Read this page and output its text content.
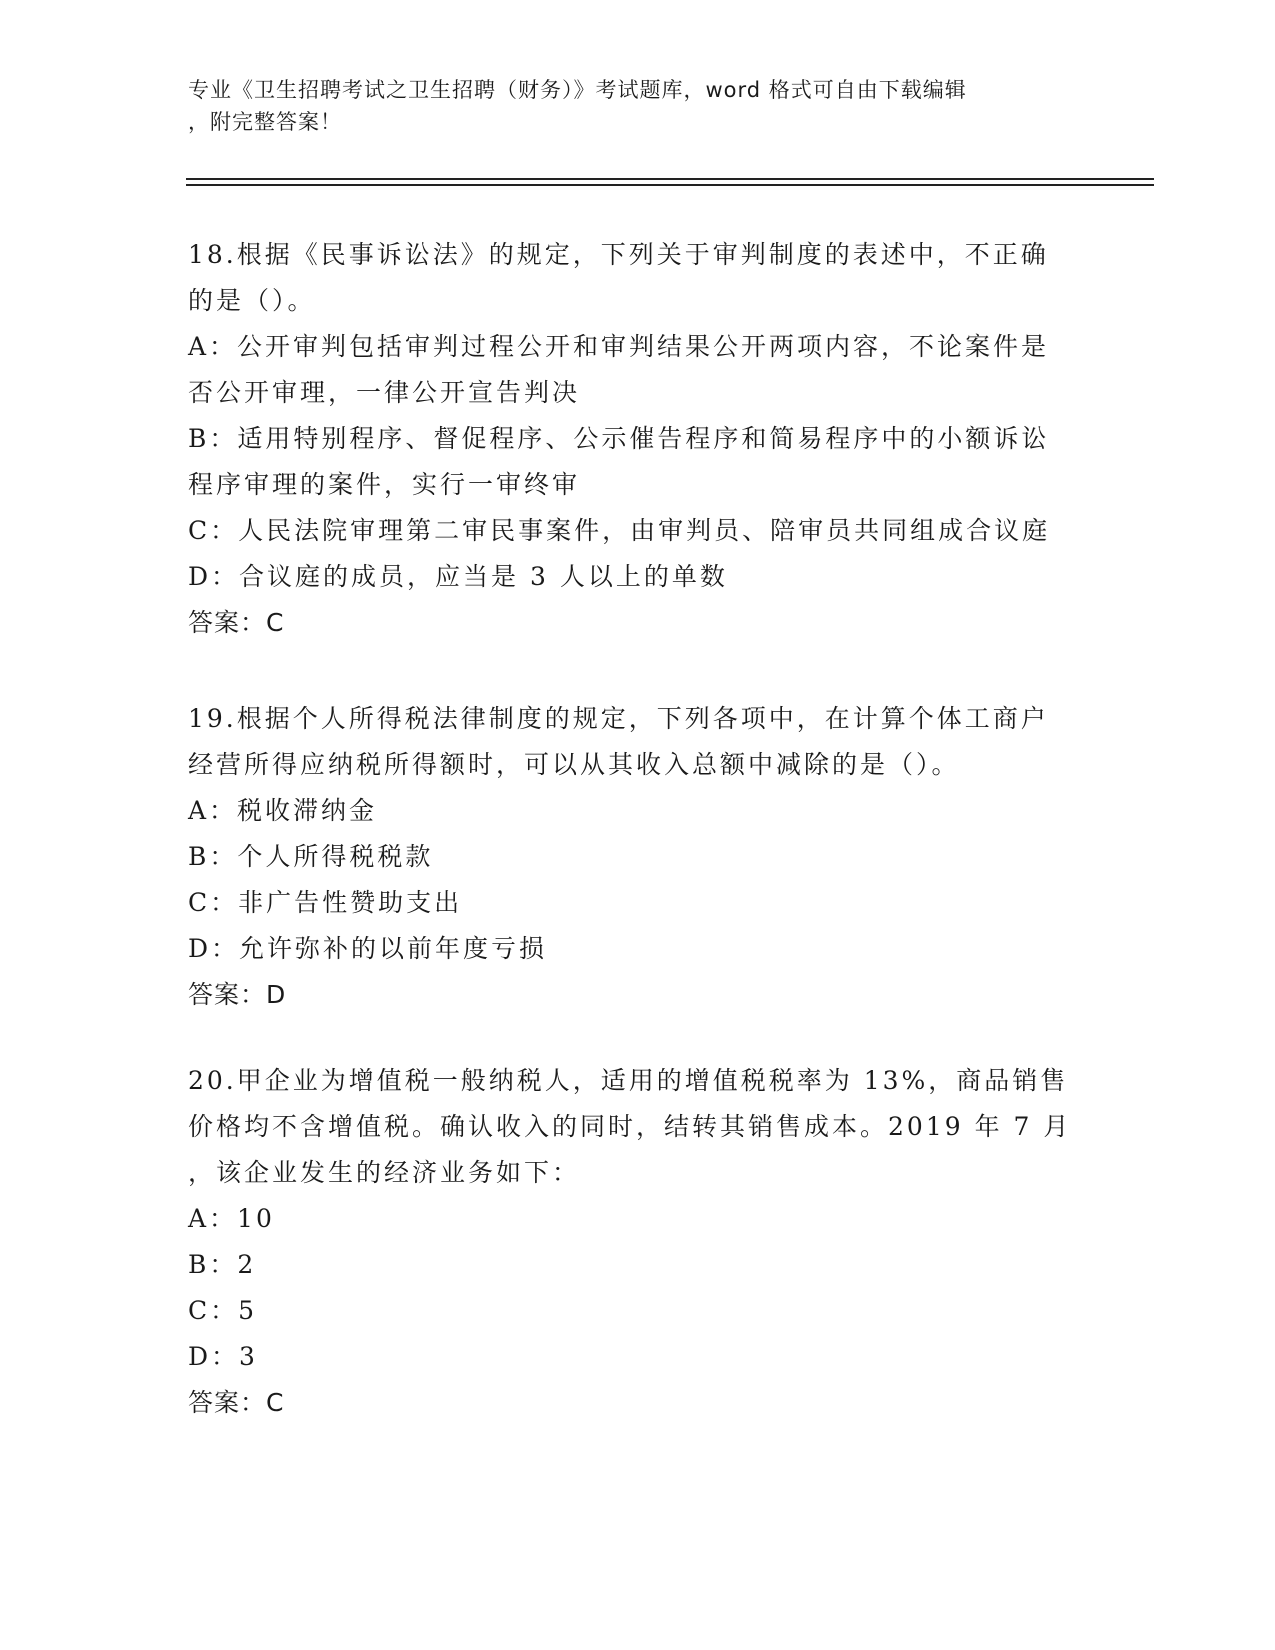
专业《卫生招聘考试之卫生招聘（财务）》考试题库，word 格式可自由下载编辑
，附完整答案！

18.根据《民事诉讼法》的规定，下列关于审判制度的表述中，不正确

的是（）。

A：公开审判包括审判过程公开和审判结果公开两项内容，不论案件是

否公开审理，一律公开宣告判决

B：适用特别程序、督促程序、公示催告程序和简易程序中的小额诉讼

程序审理的案件，实行一审终审

C：人民法院审理第二审民事案件，由审判员、陪审员共同组成合议庭

D：合议庭的成员，应当是 3 人以上的单数

答案：C

19.根据个人所得税法律制度的规定，下列各项中，在计算个体工商户

经营所得应纳税所得额时，可以从其收入总额中减除的是（）。

A：税收滞纳金

B：个人所得税税款

C：非广告性赞助支出

D：允许弥补的以前年度亏损

答案：D

20.甲企业为增值税一般纳税人，适用的增值税税率为 13%，商品销售

价格均不含增值税。确认收入的同时，结转其销售成本。2019 年 7 月

，该企业发生的经济业务如下：

A：10

B：2

C：5

D：3

答案：C
